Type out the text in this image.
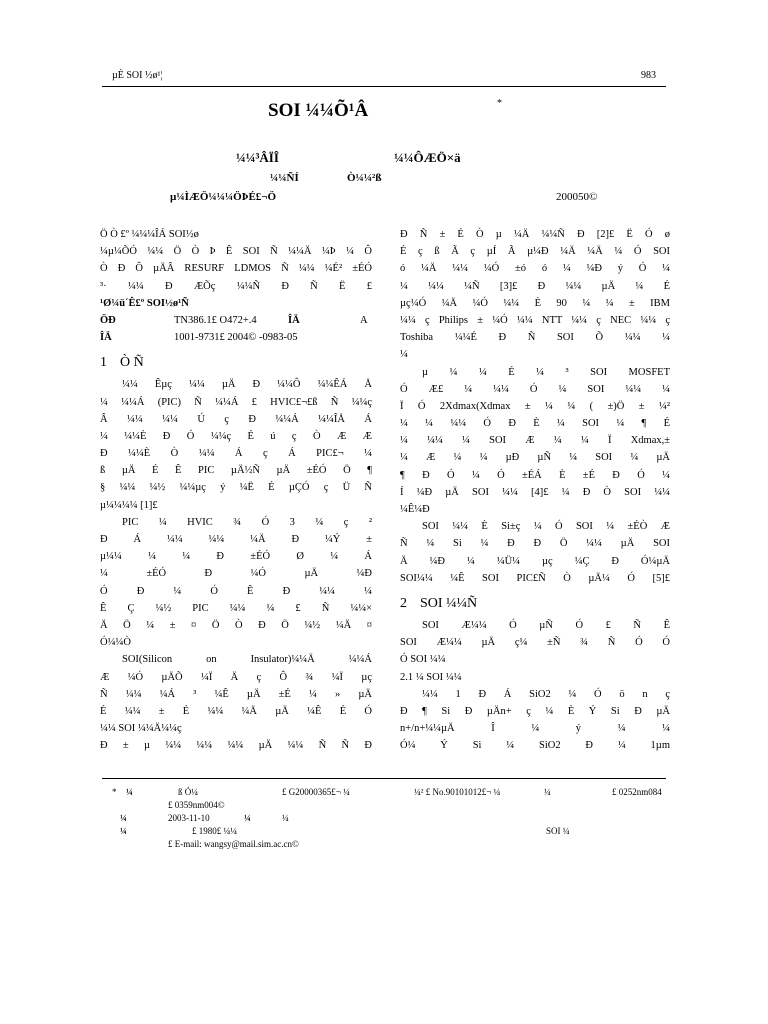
µÈ SOI ½ø¹¦	983
SOI ¼¼Õ¹Â	*
¼¼³ÂÏÎ	¼¼ÔÆÖ×ä
¼¼ÑÍ	Ò¼¼²ß
µ¼ÌÆÖ¼¼¼ÖÞÉ£¬Ö	200050©
Ö Ò £º ¼¼¼ÎÁ SOI½ø
¼µ¼ÕÓ ¼¼ Ö Ò Þ Ê SOI Ñ ¼¼Ä ¼Þ ¼ Ô
Ò Ð Ô µÄÂ RESURF LDMOS Ñ ¼¼ ¼É² ±ÉÓ
³· ¼¼ Ð ÆÕç ¼¼Ñ Ð Ñ Ë £
¹Ø¼ü´Ê£º SOI½ø¹Ñ
ÖÐ	TN386.1£ O472+.4	ÎÄ	A
ÎÄ	1001-9731£ 2004© -0983-05
1 Ò Ñ
¼¼ Êµç ¼¼ µÄ Ð ¼¼Ô ¼¼ÊÁ Å
¼ ¼¼Á (PIC) Ñ ¼¼Á £ HVIC£¬£ß Ñ ¼¼ç
Â ¼¼ ¼¼ Ú ç Ð ¼¼Á ¼¼ÎÅ Á
¼ ¼¼È Ð Ó ¼¼ç É ú ç Ò Æ Æ
Ð ¼¼È Ò ¼¼ Á ç Á PIC£¬ ¼
ß µÄ É Ê PIC µÄ½Ñ µÄ ±ÉÓ Ö ¶
§ ¼¼ ¼½ ¼¼µç ý ¼Ë É µÇÓ ç Ü Ñ
µ¼¼¼¼ [1]£
PIC ¼ HVIC ¾ Ó 3 ¼ ç ²
Ð Á ¼¼ ¼¼ ¼Ä Ð ¼Ý ±
µ¼¼ ¼ ¼ Ð ±ÉÓ Ø ¼ Á
¼ ±ÉÓ Ð ¼Ó µÄ ¼Ð
Ó Ð ¼ Ó Ê Ð ¼¼ ¼
Ê Ç ¼½ PIC ¼¼ ¼ £ Ñ ¼¼×
Ä Ö ¼ ± ¤ Ö Ò Ð Ö ¼½ ¼Ä ¤
Ó¼¼Ò
SOI(Silicon on Insulator)¼¼Ä ¼¼Á
Æ ¼Ó µÄÕ ¼Ï Ä ç Ô ¾ ¼Ï µç
Ñ ¼¼ ¼Á ³ ¼Ê µÄ ±É ¼ » µÄ
É ¼¼ ± É ¼¼ ¼Ä µÄ ¼Ê É Ó
¼¼ SOI ¼¼Ä¼¼ç
Ð ± µ ¼¼ ¼¼ ¼¼ µÄ ¼¼ Ñ Ñ Ð
Ð Ñ ± É Ò µ ¼Ä ¼¼Ñ Ð [2]£ Ë Ó ø
É ç ß Ã ç µÍ Ã µ¼Ð ¼Ä ¼Ä ¼ Ó SOI
ó ¼Ä ¼¼ ¼Ó ±ó ó ¼ ¼Ð ý Ó ¼
¼ ¼¼ ¼Ñ [3]£ Ð ¼¼ µÄ ¼ É
µç¼Ó ¼Ä ¼Ó ¼¼ È 90 ¼ ¼ ± IBM
¼¼ ç Philips ± ¼Ó ¼¼ NTT ¼¼ ç NEC ¼¼ ç
Toshiba ¼¼É Ð Ñ SOI Õ ¼¼ ¼
¼
µ ¼ ¼ É ¼ ³ SOI MOSFET
Ó Æ£ ¼ ¼¼ Ó ¼ SOI ¼¼ ¼
Ï Ó 2Xdmax(Xdmax ± ¼ ¼ ( ±)Ö ± ¼²
¼ ¼ ¼¼ Ó Ð È ¼ SOI ¼ ¶ É
¼ ¼¼ ¼ SOI Æ ¼ ¼ Ï Xdmax,±
¼ Æ ¼ ¼ µÐ µÑ ¼ SOI ¼ µÄ
¶ Ð Ó ¼ Ó ±ÉÁ È ±É Ð Ó ¼
Í ¼Ð µÄ SOI ¼¼ [4]£ ¼ Ð Ò SOI ¼¼
¼Ê¼Ð
SOI ¼¼ È Si±ç ¼ Ó SOI ¼ ±ÉÒ Æ
Ñ ¼ Si ¼ Ð Ð Ö ¼¼ µÄ SOI
Ä ¼Ð ¼ ¼Ü¼ µç ¼Ç Ð Ó¼µÄ
SOI¼¼ ¼Ê SOI PIC£Ñ Ò µÄ¼ Ó [5]£
2 SOI ¼¼Ñ
SOI Æ¼¼ Ó µÑ Ó £ Ñ Ê
SOI Æ¼¼ µÄ ç¼ ±Ñ ¾ Ñ Ó Ó
Ó SOI ¼¼
2.1 ¼ SOI ¼¼
¼¼ 1 Ð Á SiO2 ¼ Ó ö n ç
Ð ¶ Si Ð µÄn+ ç ¼ È Ý Si Ð µÄ
n+/n+¼¼µÄ Î ¼ ý ¼ ¼
Ó¼ Ý Si ¼ SiO2 Ð ¼ 1µm
* ¼	ß Ó¼	£ G20000365£¬ ¼	¼² £ No.90101012£¬ ¼	¼	£ 0252nm084
£ 0359nm004©
¼	2003-11-10	¼	¼
¼	£ 1980£ ¼¼	SOI ¼
£ E-mail: wangsy@mail.sim.ac.cn©
